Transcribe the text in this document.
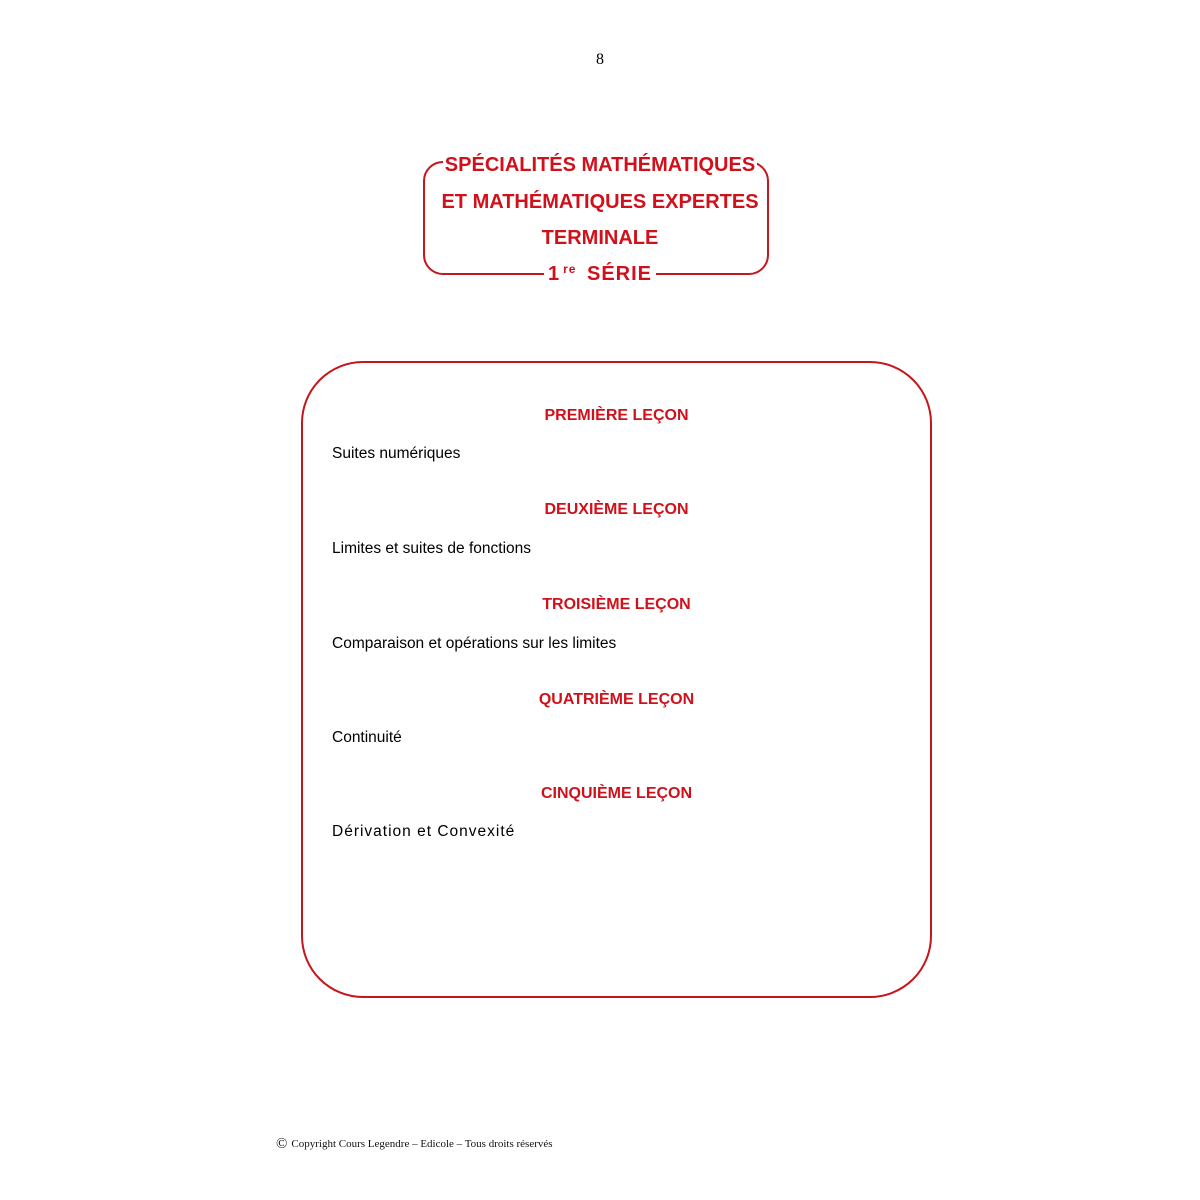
8
SPÉCIALITÉS MATHÉMATIQUES
ET MATHÉMATIQUES EXPERTES
TERMINALE
1 $^{re}$ SÉRIE
PREMIÈRE LEÇON
Suites numériques
DEUXIÈME LEÇON
Limites et suites de fonctions
TROISIÈME LEÇON
Comparaison et opérations sur les limites
QUATRIÈME LEÇON
Continuité
CINQUIÈME LEÇON
Dérivation et Convexité
© Copyright Cours Legendre – Edicole – Tous droits réservés
